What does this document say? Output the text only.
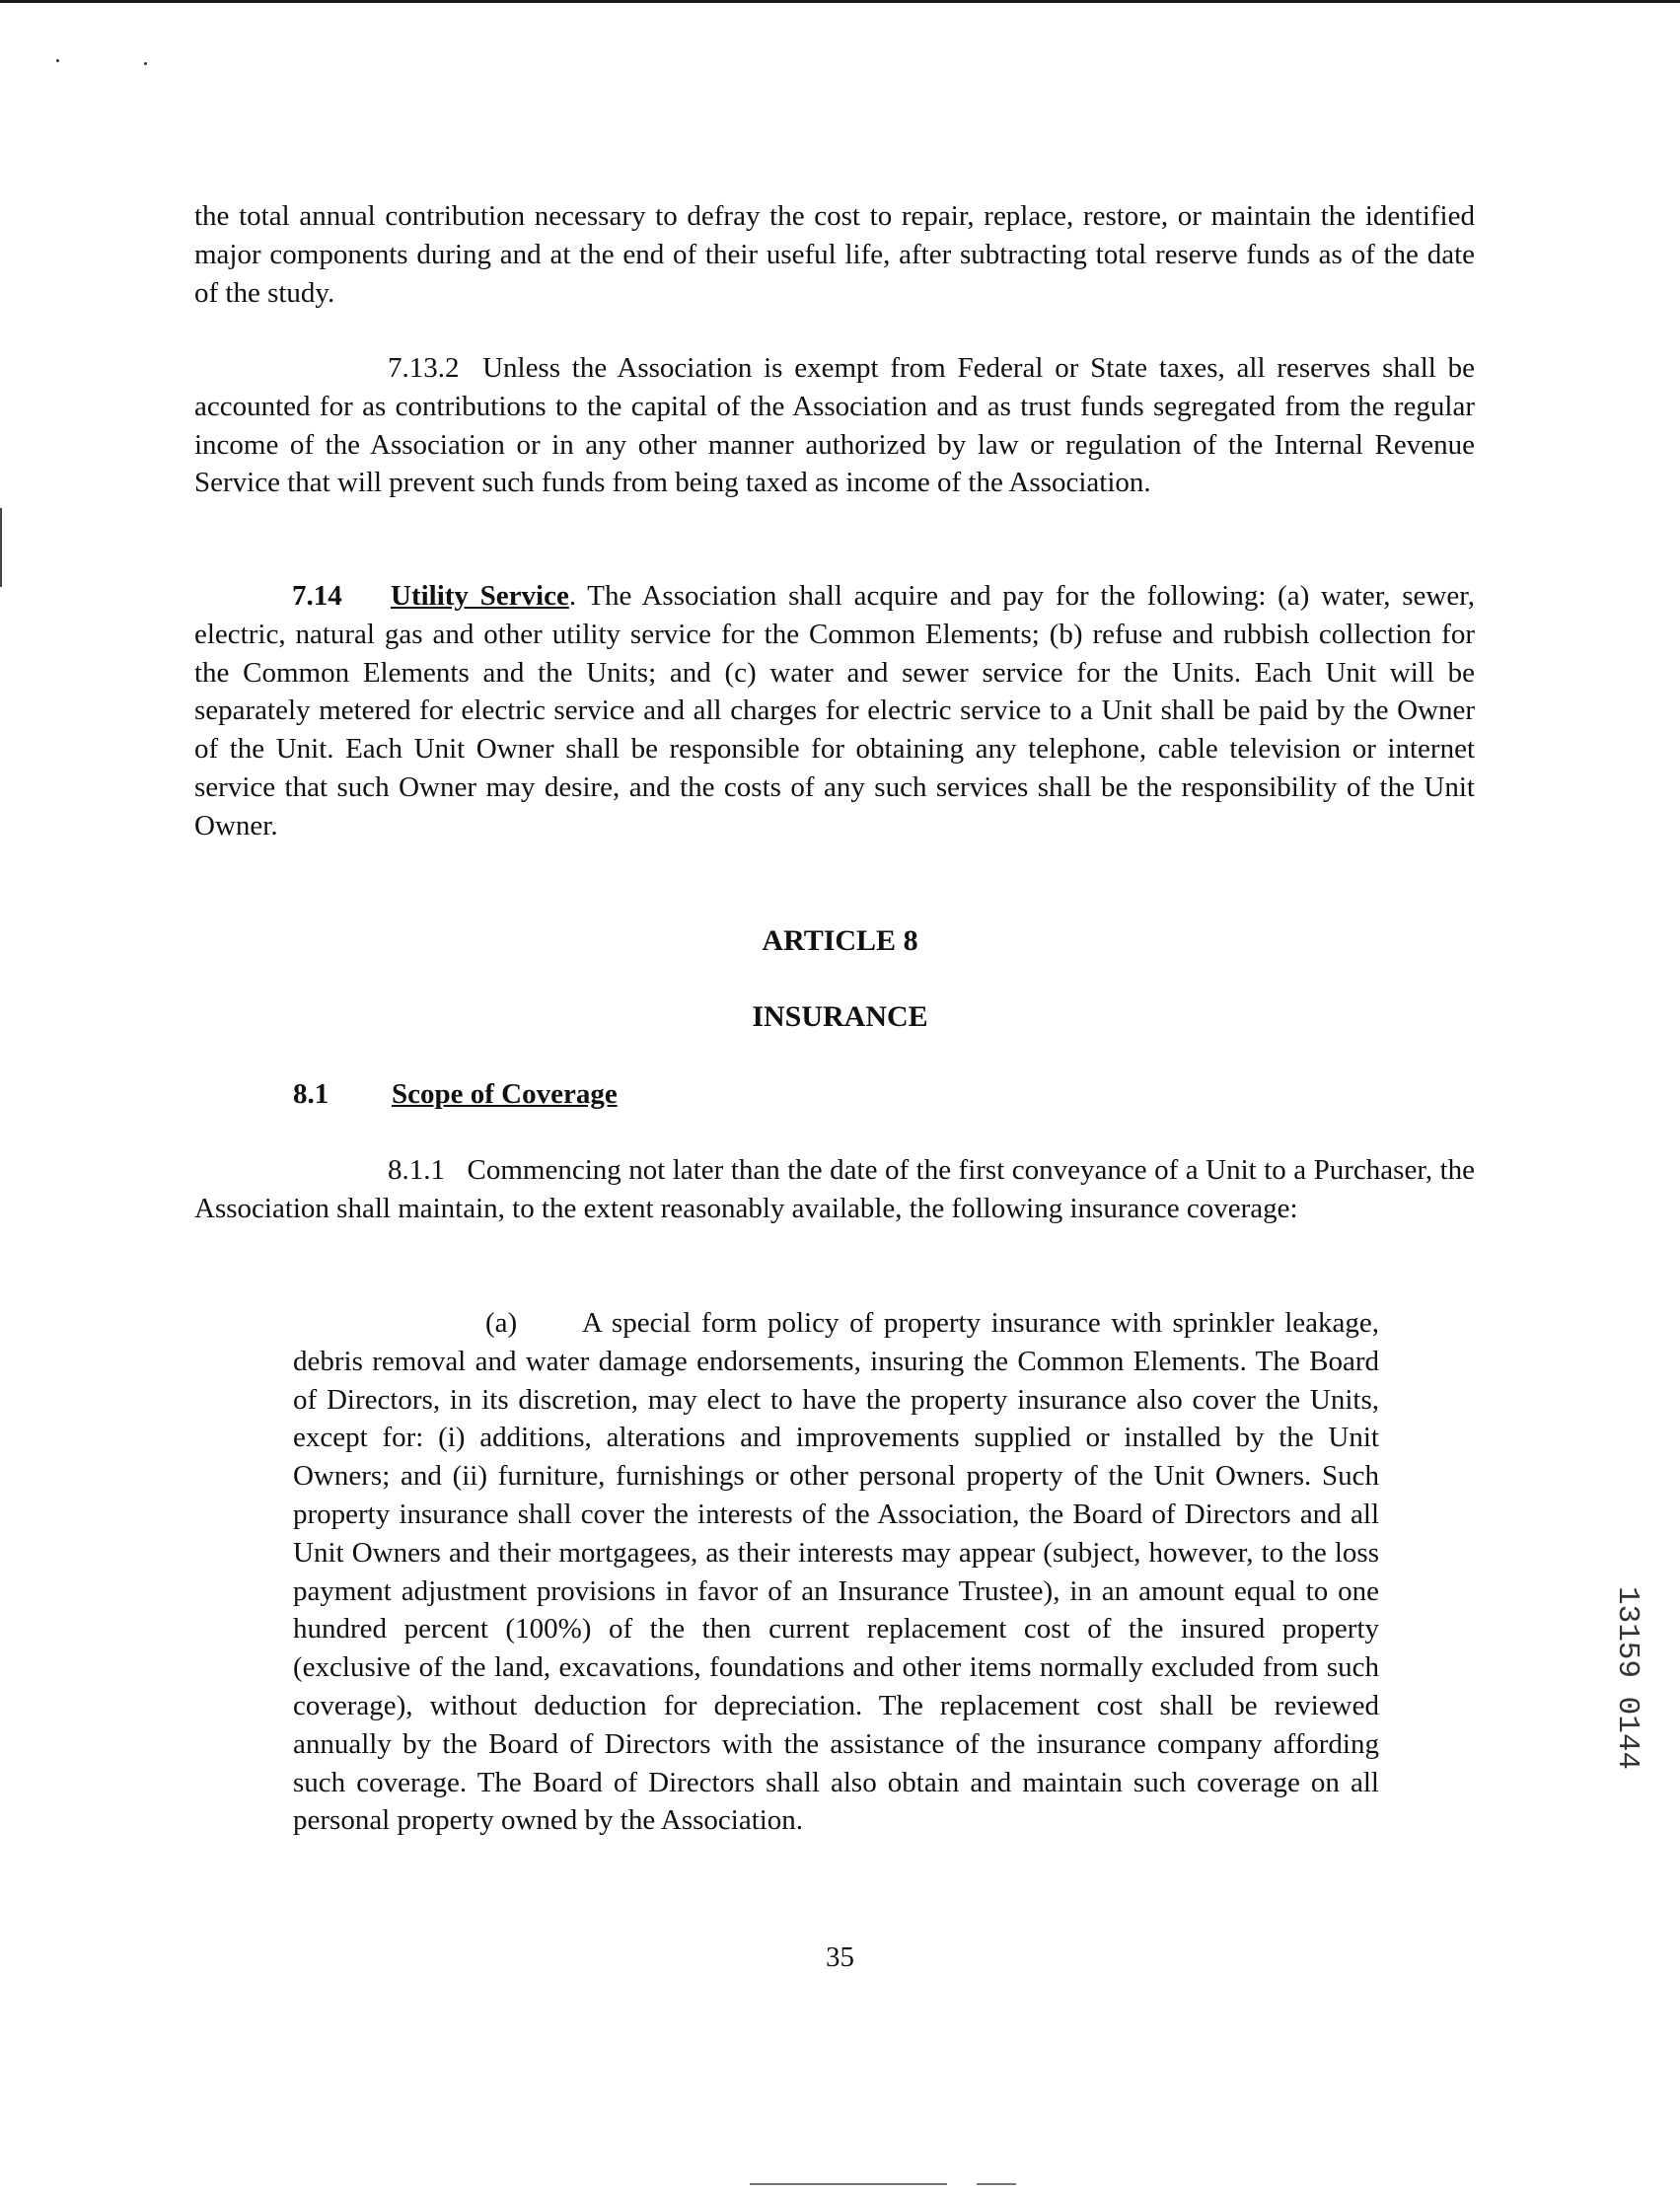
the total annual contribution necessary to defray the cost to repair, replace, restore, or maintain the identified major components during and at the end of their useful life, after subtracting total reserve funds as of the date of the study.

7.13.2 Unless the Association is exempt from Federal or State taxes, all reserves shall be accounted for as contributions to the capital of the Association and as trust funds segregated from the regular income of the Association or in any other manner authorized by law or regulation of the Internal Revenue Service that will prevent such funds from being taxed as income of the Association.

7.14 Utility Service. The Association shall acquire and pay for the following: (a) water, sewer, electric, natural gas and other utility service for the Common Elements; (b) refuse and rubbish collection for the Common Elements and the Units; and (c) water and sewer service for the Units. Each Unit will be separately metered for electric service and all charges for electric service to a Unit shall be paid by the Owner of the Unit. Each Unit Owner shall be responsible for obtaining any telephone, cable television or internet service that such Owner may desire, and the costs of any such services shall be the responsibility of the Unit Owner.

ARTICLE 8
INSURANCE

8.1 Scope of Coverage

8.1.1 Commencing not later than the date of the first conveyance of a Unit to a Purchaser, the Association shall maintain, to the extent reasonably available, the following insurance coverage:

(a) A special form policy of property insurance with sprinkler leakage, debris removal and water damage endorsements, insuring the Common Elements. The Board of Directors, in its discretion, may elect to have the property insurance also cover the Units, except for: (i) additions, alterations and improvements supplied or installed by the Unit Owners; and (ii) furniture, furnishings or other personal property of the Unit Owners. Such property insurance shall cover the interests of the Association, the Board of Directors and all Unit Owners and their mortgagees, as their interests may appear (subject, however, to the loss payment adjustment provisions in favor of an Insurance Trustee), in an amount equal to one hundred percent (100%) of the then current replacement cost of the insured property (exclusive of the land, excavations, foundations and other items normally excluded from such coverage), without deduction for depreciation. The replacement cost shall be reviewed annually by the Board of Directors with the assistance of the insurance company affording such coverage. The Board of Directors shall also obtain and maintain such coverage on all personal property owned by the Association.

35

13159 0144
